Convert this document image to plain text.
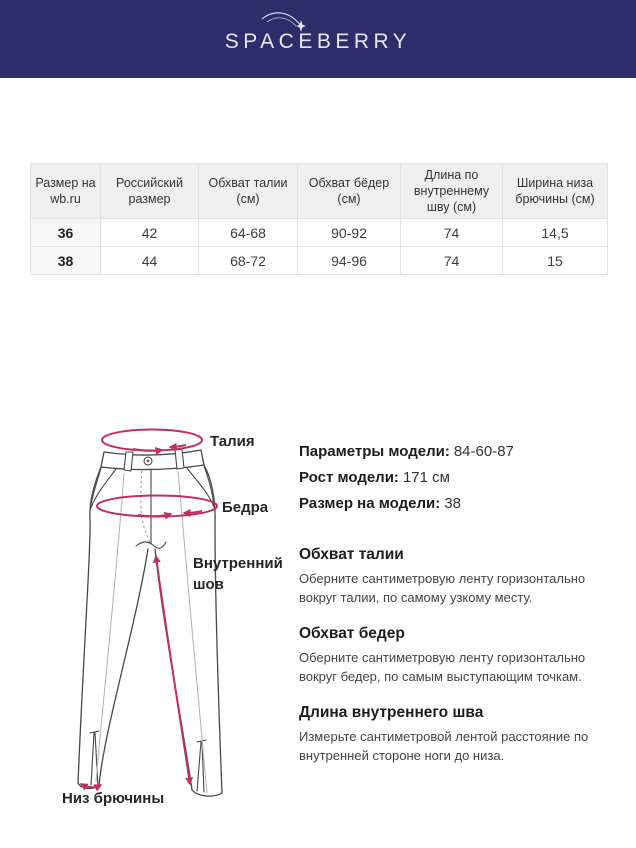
SPACEBERRY
Размер на wb.ru	Российский размер	Обхват талии (см)	Обхват бёдер (см)	Длина по внутреннему шву (см)	Ширина низа брючины (см)
36	42	64-68	90-92	74	14,5
38	44	68-72	94-96	74	15
Талия
Бедра
Внутренний шов
Низ брючины

Параметры модели: 84-60-87

Рост модели: 171 см

Размер на модели: 38

Обхват талии

Оберните сантиметровую ленту горизонтально вокруг талии, по самому узкому месту.

Обхват бедер

Оберните сантиметровую ленту горизонтально вокруг бедер, по самым выступающим точкам.

Длина внутреннего шва

Измерьте сантиметровой лентой расстояние по внутренней стороне ноги до низа.
